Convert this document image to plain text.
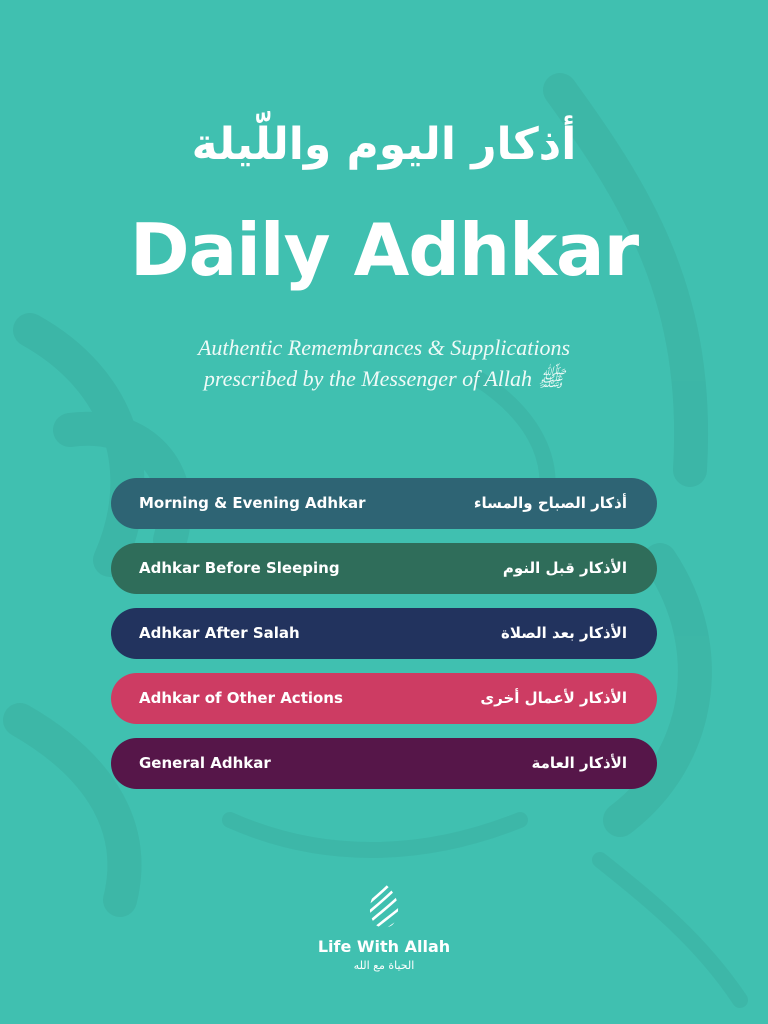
أذكار اليوم واللّيلة
Daily Adhkar
Authentic Remembrances & Supplications
prescribed by the Messenger of Allah ﷺ
Morning & Evening Adhkar	أذكار الصباح والمساء
Adhkar Before Sleeping	الأذكار قبل النوم
Adhkar After Salah	الأذكار بعد الصلاة
Adhkar of Other Actions	الأذكار لأعمال أخرى
General Adhkar	الأذكار العامة
Life With Allah
الحياة مع الله
